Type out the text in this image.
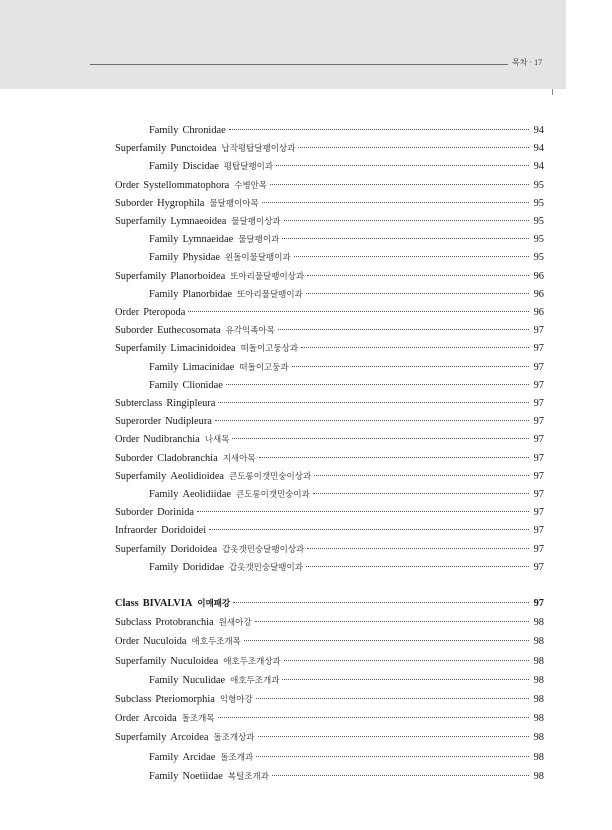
목차 · 17
Family Chronidae	94
Superfamily Punctoidea 납작평탑달팽이상과	94
Family Discidae 평탑달팽이과	94
Order Systellommatophora 수병안목	95
Suborder Hygrophila 물달팽이아목	95
Superfamily Lymnaeoidea 물달팽이상과	95
Family Lymnaeidae 물달팽이과	95
Family Physidae 왼돌이물달팽이과	95
Superfamily Planorboidea 또아리물달팽이상과	96
Family Planorbidae 또아리물달팽이과	96
Order Pteropoda	96
Suborder Euthecosomata 유각익족아목	97
Superfamily Limacinidoidea 떠돌이고둥상과	97
Family Limacinidae 떠돌이고둥과	97
Family Clionidae	97
Subterclass Ringipleura	97
Superorder Nudipleura	97
Order Nudibranchia 나새목	97
Suborder Cladobranchia 지새아목	97
Superfamily Aeolidioidea 큰도롱이갯민숭이상과	97
Family Aeolidiidae 큰도롱이갯민숭이과	97
Suborder Dorinida	97
Infraorder Doridoidei	97
Superfamily Doridoidea 갑옷갯민숭달팽이상과	97
Family Dorididae 갑옷갯민숭달팽이과	97
Class BIVALVIA 이매패강	97
Subclass Protobranchia 원새아강	98
Order Nuculoida 애호두조개목	98
Superfamily Nuculoidea 애호두조개상과	98
Family Nuculidae 애호두조개과	98
Subclass Pteriomorphia 익형아강	98
Order Arcoida 돌조개목	98
Superfamily Arcoidea 돌조개상과	98
Family Arcidae 돌조개과	98
Family Noetiidae 복털조개과	98
